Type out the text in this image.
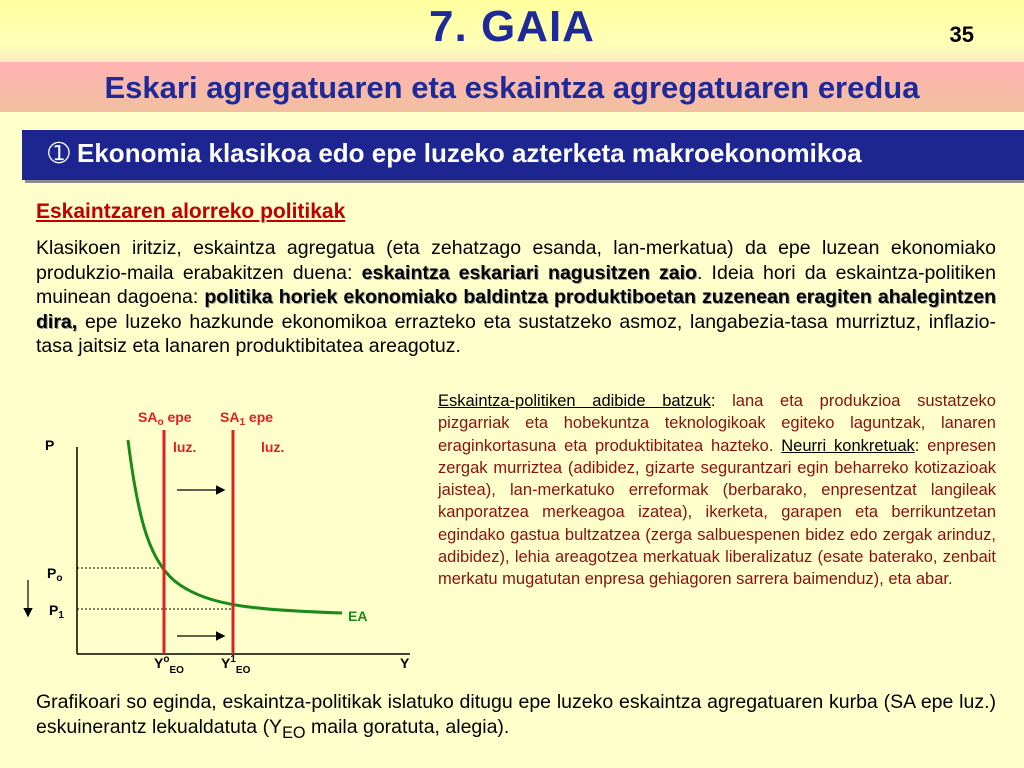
7. GAIA	35
Eskari agregatuaren eta eskaintza agregatuaren eredua
➀ Ekonomia klasikoa edo epe luzeko azterketa makroekonomikoa
Eskaintzaren alorreko politikak
Klasikoen iritziz, eskaintza agregatua (eta zehatzago esanda, lan-merkatua) da epe luzean ekonomiako produkzio-maila erabakitzen duena: eskaintza eskariari nagusitzen zaio. Ideia hori da eskaintza-politiken muinean dagoena: politika horiek ekonomiako baldintza produktiboetan zuzenean eragiten ahalegintzen dira, epe luzeko hazkunde ekonomikoa errazteko eta sustatzeko asmoz, langabezia-tasa murriztuz, inflazio-tasa jaitsiz eta lanaren produktibitatea areagotuz.
Eskaintza-politiken adibide batzuk: lana eta produkzioa sustatzeko pizgarriak eta hobekuntza teknologikoak egiteko laguntzak, lanaren eraginkortasuna eta produktibitatea hazteko. Neurri konkretuak: enpresen zergak murriztea (adibidez, gizarte segurantzari egin beharreko kotizazioak jaistea), lan-merkatuko erreformak (berbarako, enpresentzat langileak kanporatzea merkeagoa izatea), ikerketa, garapen eta berrikuntzetan egindako gastua bultzatzea (zerga salbuespenen bidez edo zergak arinduz, adibidez), lehia areagotzea merkatuak liberalizatuz (esate baterako, zenbait merkatu mugatutan enpresa gehiagoren sarrera baimenduz), eta abar.
$SA_o$ epe $SA_1$ epe
luz.	luz.
P
Y
$P_o$
$P_1$	EA
$Y^o_{EO}$	$Y^1_{EO}$
Grafikoari so eginda, eskaintza-politikak islatuko ditugu epe luzeko eskaintza agregatuaren kurba (SA epe luz.) eskuinerantz lekualdatuta ($Y_{EO}$ maila goratuta, alegia).
